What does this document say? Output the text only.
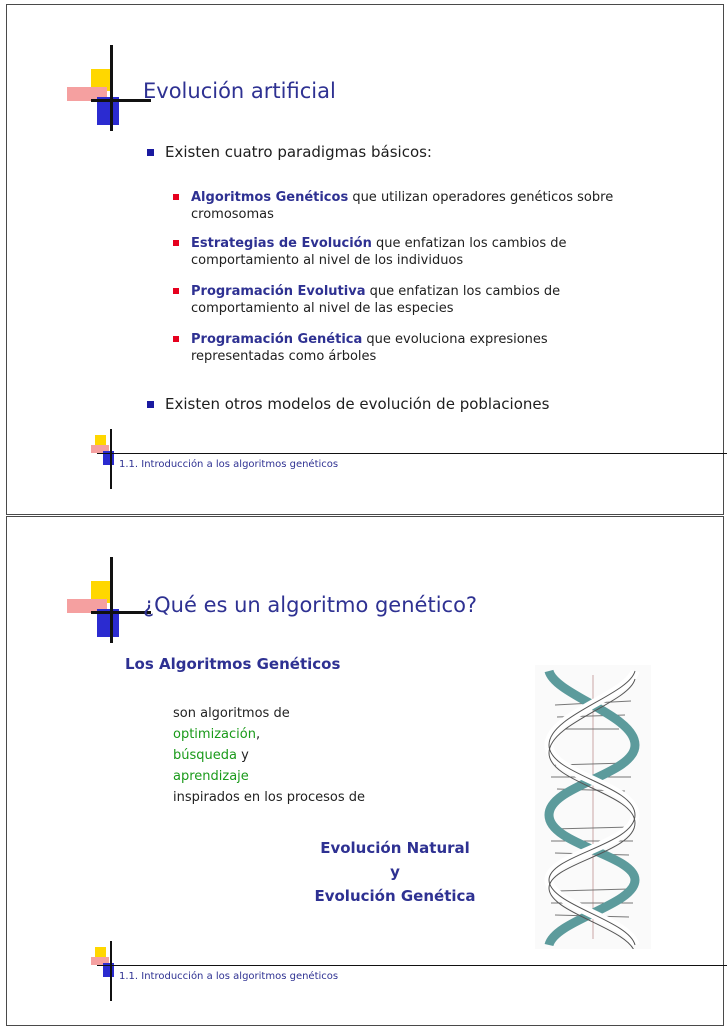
Evolución artificial
Existen cuatro paradigmas básicos:
Algoritmos Genéticos que utilizan operadores genéticos sobre cromosomas
Estrategias de Evolución que enfatizan los cambios de comportamiento al nivel de los individuos
Programación Evolutiva que enfatizan los cambios de comportamiento al nivel de las especies
Programación Genética que evoluciona expresiones representadas como árboles
Existen otros modelos de evolución de poblaciones
1.1. Introducción a los algoritmos genéticos
¿Qué es un algoritmo genético?
Los Algoritmos Genéticos
son algoritmos de
optimización,
búsqueda y
aprendizaje
inspirados en los procesos de
Evolución Natural
y
Evolución Genética
1.1. Introducción a los algoritmos genéticos
